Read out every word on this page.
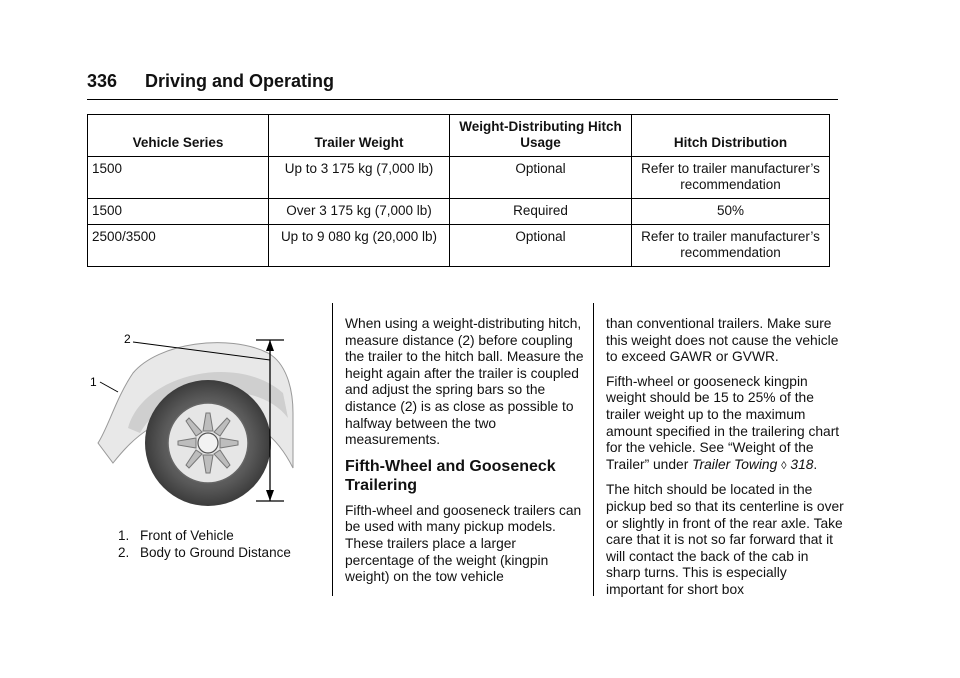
336 Driving and Operating
Vehicle Series	Trailer Weight	Weight-Distributing Hitch Usage	Hitch Distribution
1500	Up to 3 175 kg (7,000 lb)	Optional	Refer to trailer manufacturer’s recommendation
1500	Over 3 175 kg (7,000 lb)	Required	50%
2500/3500	Up to 9 080 kg (20,000 lb)	Optional	Refer to trailer manufacturer’s recommendation
2
1
1. Front of Vehicle
2. Body to Ground Distance

When using a weight-distributing hitch, measure distance (2) before coupling the trailer to the hitch ball. Measure the height again after the trailer is coupled and adjust the spring bars so the distance (2) is as close as possible to halfway between the two measurements.

Fifth-Wheel and Gooseneck Trailering

Fifth-wheel and gooseneck trailers can be used with many pickup models. These trailers place a larger percentage of the weight (kingpin weight) on the tow vehicle

than conventional trailers. Make sure this weight does not cause the vehicle to exceed GAWR or GVWR.

Fifth-wheel or gooseneck kingpin weight should be 15 to 25% of the trailer weight up to the maximum amount specified in the trailering chart for the vehicle. See “Weight of the Trailer” under Trailer Towing ◊ 318.

The hitch should be located in the pickup bed so that its centerline is over or slightly in front of the rear axle. Take care that it is not so far forward that it will contact the back of the cab in sharp turns. This is especially important for short box
